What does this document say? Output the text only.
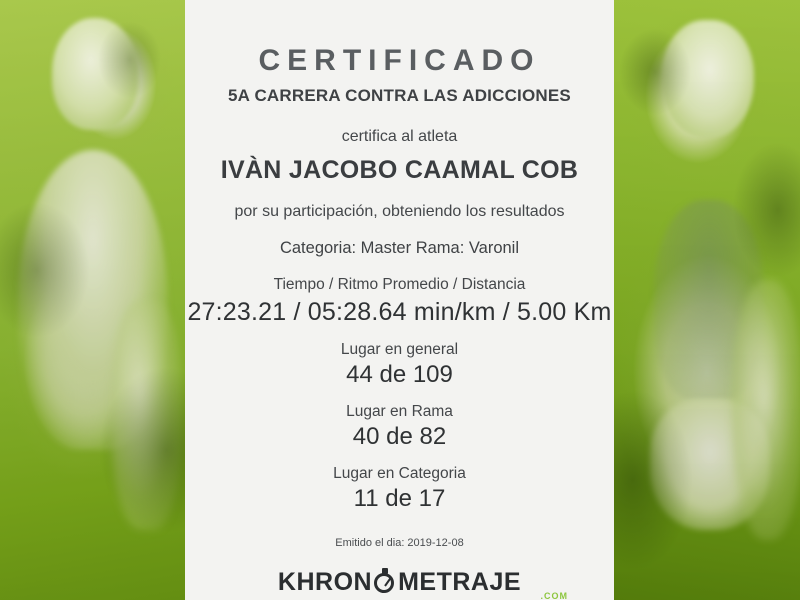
CERTIFICADO
5A CARRERA CONTRA LAS ADICCIONES
certifica al atleta
IVÀN JACOBO CAAMAL COB
por su participación, obteniendo los resultados
Categoria: Master Rama: Varonil
Tiempo / Ritmo Promedio / Distancia
27:23.21 / 05:28.64 min/km / 5.00 Km
Lugar en general
44 de 109
Lugar en Rama
40 de 82
Lugar en Categoria
11 de 17
Emitido el dia: 2019-12-08
KHRON METRAJE
.COM
